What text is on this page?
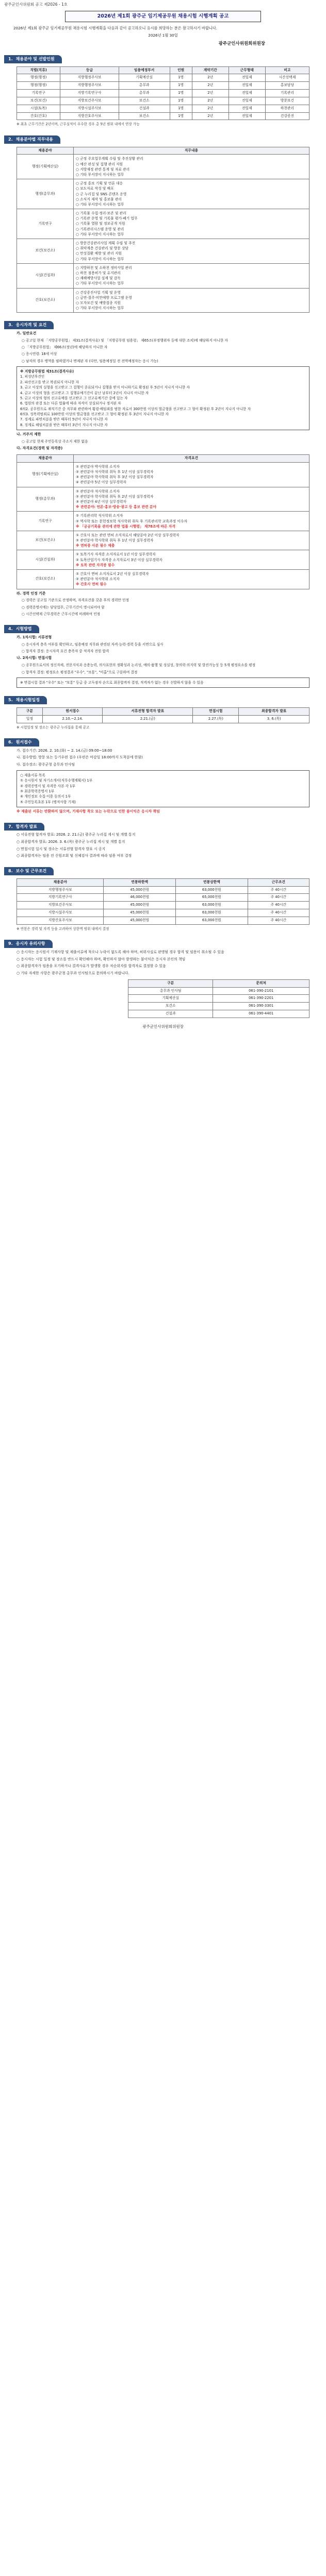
광주군인사위원회 공고 제2026 - 1호
2026년 제1회 광주군 임기제공무원 채용시험 시행계획 공고
2026년 제1회 광주군 임기제공무원 채용시험 시행계획을 다음과 같이 공고하오니 응시를 희망하는 분은 참고하시기 바랍니다.
2026년 1월 30일
광주군인사위원회위원장
1. 채용분야 및 선발인원
직렬(직류)	등급	임용예정부서	인원	계약기간	근무형태	비고
행정(행정)	지방행정주사보	기획예산실	1명	2년	전일제	시간선택제
행정(행정)	지방행정주사보	총무과	1명	2년	전일제	홍보담당
기록연구	지방기록연구사	총무과	1명	2년	전일제	기록관리
보건(보건)	지방보건주사보	보건소	1명	2년	전일제	방문보건
시설(토목)	지방시설주사보	건설과	1명	2년	전일제	하천관리
간호(간호)	지방간호주사보	보건소	1명	2년	전일제	건강증진
※ 최초 근무기간은 2년이며, 근무실적이 우수한 경우 총 5년 범위 내에서 연장 가능
2. 채용분야별 직무내용
채용분야	직무내용
행정(기획예산실)	○ 군정 주요업무계획 수립 및 추진상황 관리
○ 예산 편성 및 집행 관리 지원
○ 지방재정 관련 통계 및 자료 관리
○ 기타 부서장이 지시하는 업무

행정(총무과)	○ 군정 홍보 기획 및 언론 대응
○ 보도자료 작성 및 배포
○ 군 누리집 및 SNS 콘텐츠 운영
○ 소식지 제작 및 홍보물 관리
○ 기타 부서장이 지시하는 업무

기록연구	○ 기록물 수집·정리·보존 및 관리
○ 기록관 운영 및 기록물 평가·폐기 업무
○ 기록물 열람 및 정보공개 지원
○ 기록관리시스템 운영 및 관리
○ 기타 부서장이 지시하는 업무

보건(보건소)	○ 방문건강관리사업 계획 수립 및 추진
○ 취약계층 건강관리 및 방문 상담
○ 만성질환 예방 및 관리 지원
○ 기타 부서장이 지시하는 업무

시설(건설과)	○ 지방하천 및 소하천 정비사업 관리
○ 하천 점용허가 및 유지관리
○ 재해예방사업 설계 및 감독
○ 기타 부서장이 지시하는 업무

간호(보건소)	○ 건강증진사업 기획 및 운영
○ 금연·절주·비만예방 프로그램 운영
○ 모자보건 및 예방접종 지원
○ 기타 부서장이 지시하는 업무
3. 응시자격 및 요건
가. 일반요건
○ 공고일 현재 「지방공무원법」 제31조(결격사유) 및 「지방공무원 임용령」 제65조(부정행위자 등에 대한 조치)에 해당하지 아니한 자
○ 「지방공무원법」 제66조(정년)에 해당하지 아니한 자
○ 응시연령: 18세 이상
○ 남자의 경우 병역을 필하였거나 면제된 자 (다만, 임용예정일 전 전역예정자는 응시 가능)
※ 지방공무원법 제31조(결격사유)
1. 피성년후견인
2. 파산선고를 받고 복권되지 아니한 자
3. 금고 이상의 실형을 선고받고 그 집행이 종료되거나 집행을 받지 아니하기로 확정된 후 5년이 지나지 아니한 자
4. 금고 이상의 형을 선고받고 그 집행유예기간이 끝난 날부터 2년이 지나지 아니한 자
5. 금고 이상의 형의 선고유예를 선고받고 그 선고유예기간 중에 있는 자
6. 법원의 판결 또는 다른 법률에 따라 자격이 상실되거나 정지된 자
6의2. 공무원으로 재직기간 중 직무와 관련하여 횡령·배임죄를 범한 자로서 300만원 이상의 벌금형을 선고받고 그 형이 확정된 후 2년이 지나지 아니한 자
6의3. 성폭력범죄로 100만원 이상의 벌금형을 선고받고 그 형이 확정된 후 3년이 지나지 아니한 자
7. 징계로 파면처분을 받은 때부터 5년이 지나지 아니한 자
8. 징계로 해임처분을 받은 때부터 3년이 지나지 아니한 자
나. 거주지 제한
○ 공고일 현재 주민등록상 주소지 제한 없음
다. 자격요건(경력 및 자격증)
채용분야	자격요건
행정(기획예산실)	① 관련분야 박사학위 소지자
② 관련분야 석사학위 취득 후 1년 이상 실무경력자
③ 관련분야 학사학위 취득 후 3년 이상 실무경력자
④ 관련분야 5년 이상 실무경력자

행정(총무과)	① 관련분야 석사학위 소지자
② 관련분야 학사학위 취득 후 2년 이상 실무경력자
③ 관련분야 4년 이상 실무경력자
※ 관련분야: 언론·홍보·방송·광고 등 홍보 관련 분야

기록연구	① 기록관리학 석사학위 소지자
② 역사학 또는 문헌정보학 석사학위 취득 후 기록관리학 교육과정 이수자
※ 「공공기록물 관리에 관한 법률 시행령」 제78조에 따른 자격

보건(보건소)	① 간호사 또는 관련 면허 소지자로서 해당분야 2년 이상 실무경력자
② 관련분야 학사학위 취득 후 1년 이상 실무경력자
※ 면허증 사본 필수 제출

시설(건설과)	① 토목기사 자격증 소지자로서 1년 이상 실무경력자
② 토목산업기사 자격증 소지자로서 3년 이상 실무경력자
※ 토목 관련 자격증 필수

간호(보건소)	① 간호사 면허 소지자로서 2년 이상 실무경력자
② 관련분야 석사학위 소지자
※ 간호사 면허 필수
라. 경력 인정 기준
○ 경력은 공고일 기준으로 산정하며, 자격요건을 갖춘 후의 경력만 인정
○ 경력증명서에는 담당업무, 근무기간이 명시되어야 함
○ 시간선택제 근무경력은 근무시간에 비례하여 인정
4. 시험방법
가. 1차시험: 서류전형
○ 응시자격 충족 여부를 확인하고, 임용예정 직무와 관련된 자격·능력·경력 등을 서면으로 심사
○ 합격자 결정: 응시자격 요건 충족자 중 적격자 전원 합격
나. 2차시험: 면접시험
○ 공무원으로서의 정신자세, 전문지식과 응용능력, 의사표현의 정확성과 논리성, 예의·품행 및 성실성, 창의력·의지력 및 발전가능성 등 5개 평정요소를 평정
○ 합격자 결정: 평정요소 평정결과 "우수", "보통", "미흡"으로 구분하여 결정
※ 면접시험 결과 "우수" 또는 "보통" 등급 중 고득점자 순으로 최종합격자 결정, 적격자가 없는 경우 선발하지 않을 수 있음
5. 채용시험일정
구분	원서접수	서류전형 합격자 발표	면접시험	최종합격자 발표
일정	2.10.~2.14.	2.21.(금)	2.27.(목)	3. 6.(목)
※ 시험일정 및 장소는 광주군 누리집을 통해 공고
6. 원서접수
가. 접수기간: 2026. 2. 10.(화) ~ 2. 14.(금) 09:00~18:00
나. 접수방법: 방문 또는 등기우편 접수 (우편은 마감일 18:00까지 도착분에 한함)
다. 접수장소: 광주군청 총무과 인사팀
○ 제출서류 목록
① 응시원서 및 자기소개서(직무수행계획서) 1부
② 경력증명서 및 자격증 사본 각 1부
③ 최종학력증명서 1부
④ 개인정보 수집·이용 동의서 1부
⑤ 주민등록초본 1부 (병적사항 기재)
※ 제출된 서류는 반환하지 않으며, 기재사항 착오 또는 누락으로 인한 불이익은 응시자 책임
7. 합격자 발표
○ 서류전형 합격자 발표: 2026. 2. 21.(금) 광주군 누리집 게시 및 개별 통지
○ 최종합격자 발표: 2026. 3. 6.(목) 광주군 누리집 게시 및 개별 통지
○ 면접시험 일시 및 장소는 서류전형 합격자 발표 시 공지
○ 최종합격자는 임용 전 신원조회 및 신체검사 결과에 따라 임용 여부 결정
8. 보수 및 근무조건
채용분야	연봉하한액	연봉상한액	근무조건
지방행정주사보	45,000천원	63,000천원	주 40시간
지방기록연구사	46,000천원	65,000천원	주 40시간
지방보건주사보	45,000천원	63,000천원	주 40시간
지방시설주사보	45,000천원	63,000천원	주 40시간
지방간호주사보	45,000천원	63,000천원	주 40시간
※ 연봉은 경력 및 자격 등을 고려하여 상한액 범위 내에서 결정
9. 응시자 유의사항
○ 응시자는 응시원서 기재사항 및 제출서류에 착오나 누락이 없도록 해야 하며, 허위사실로 판명될 경우 합격 및 임용이 취소될 수 있음
○ 응시자는 시험 일정 및 장소를 반드시 확인해야 하며, 확인하지 않아 발생하는 불이익은 응시자 본인의 책임
○ 최종합격자가 임용을 포기하거나 결격사유가 발생할 경우 차순위자를 합격자로 결정할 수 있음
○ 기타 자세한 사항은 광주군청 총무과 인사팀으로 문의하시기 바랍니다.
구분	문의처
총무과 인사팀	061-390-2101
기획예산실	061-390-2201
보건소	061-390-3301
건설과	061-390-4401
광주군인사위원회위원장
